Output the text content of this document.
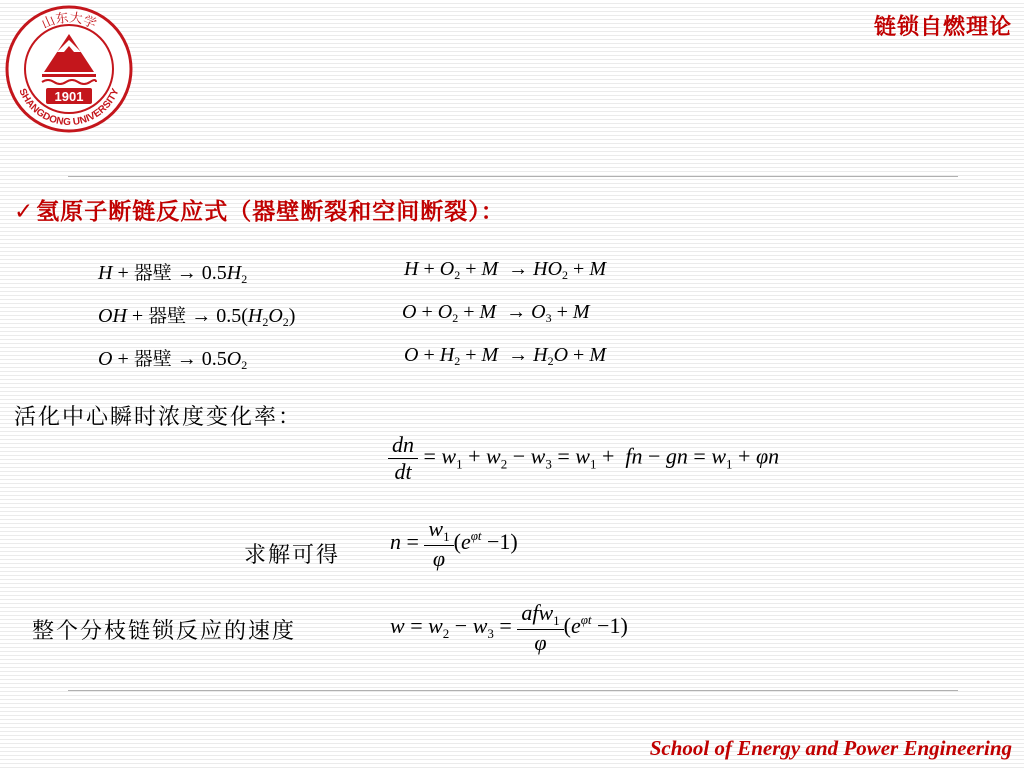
1901
山东大学
SHANGDONG UNIVERSITY
链锁自燃理论
✓氢原子断链反应式（器壁断裂和空间断裂）：
H + 器壁 → $0.5H_2$
OH + 器壁 → $0.5(H_2O_2)$
O + 器壁 → $0.5O_2$
$H + O_2 + M \to HO_2 + M$
$O + O_2 + M \to O_3 + M$
$O + H_2 + M \to H_2O + M$
活化中心瞬时浓度变化率：
$\frac{dn}{dt} = w_1 + w_2 - w_3 = w_1$ +  fn − gn = $w_1 + \varphi n$
求解可得
$n = \frac{w_1}{\varphi} (e^{\varphi t} -1)$
整个分枝链锁反应的速度	$w = w_2 - w_3 = \frac{afw_1}{\varphi} (e^{\varphi t} -1)$
School of Energy and Power Engineering
